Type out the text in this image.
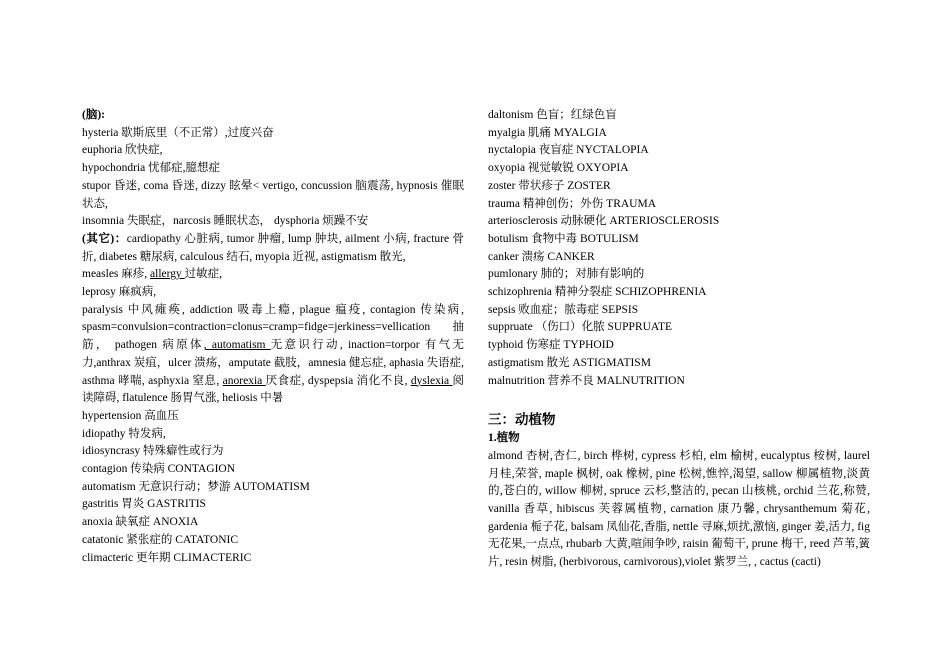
(脑):
hysteria 歇斯底里（不正常）,过度兴奋
euphoria 欣快症,
hypochondria 忧郁症,臆想症
stupor 昏迷, coma 昏迷, dizzy 眩晕< vertigo, concussion 脑震荡, hypnosis 催眠状态,
insomnia 失眠症，narcosis 睡眠状态， dysphoria 烦躁不安
(其它)：cardiopathy 心脏病, tumor 肿瘤, lump 肿块, ailment 小病, fracture 骨折, diabetes 糖尿病, calculous 结石, myopia 近视, astigmatism 散光,
measles 麻疹, allergy 过敏症,
leprosy 麻疯病,
paralysis 中风瘫痪, addiction 吸毒上瘾, plague 瘟疫, contagion 传染病, spasm=convulsion=contraction=clonus=cramp=fidge=jerkiness=vellication 抽筋， pathogen 病原体, automatism 无意识行动, inaction=torpor 有气无力,anthrax 炭疽，ulcer 溃疡，amputate 截肢，amnesia 健忘症, aphasia 失语症, asthma 哮喘, asphyxia 窒息, anorexia 厌食症, dyspepsia 消化不良, dyslexia 阅读障碍, flatulence 肠胃气涨, heliosis 中暑
hypertension 高血压
idiopathy 特发病,
idiosyncrasy 特殊癖性或行为
contagion 传染病 CONTAGION
automatism 无意识行动；梦游 AUTOMATISM
gastritis 胃炎 GASTRITIS
anoxia 缺氧症 ANOXIA
catatonic 紧张症的 CATATONIC
climacteric 更年期 CLIMACTERIC
daltonism 色盲；红绿色盲
myalgia 肌痛 MYALGIA
nyctalopia 夜盲症 NYCTALOPIA
oxyopia 视觉敏锐 OXYOPIA
zoster 带状疹子 ZOSTER
trauma 精神创伤；外伤 TRAUMA
arteriosclerosis 动脉硬化 ARTERIOSCLEROSIS
botulism 食物中毒 BOTULISM
canker 溃疡 CANKER
pumlonary 肺的；对肺有影响的
schizophrenia 精神分裂症 SCHIZOPHRENIA
sepsis 败血症；脓毒症 SEPSIS
suppruate （伤口）化脓 SUPPRUATE
typhoid 伤寒症 TYPHOID
astigmatism 散光 ASTIGMATISM
malnutrition 营养不良 MALNUTRITION
三：动植物
1.植物
almond 杏树,杏仁, birch 桦树, cypress 杉柏, elm 榆树, eucalyptus 桉树, laurel 月桂,荣誉, maple 枫树, oak 橡树, pine 松树,憔悴,渴望, sallow 柳属植物,淡黄的,苍白的, willow 柳树, spruce 云杉,整洁的, pecan 山核桃, orchid 兰花,称赞, vanilla 香草, hibiscus 芙蓉属植物, carnation 康乃馨, chrysanthemum 菊花, gardenia 栀子花, balsam 凤仙花,香脂, nettle 寻麻,烦扰,激恼, ginger 姜,活力, fig 无花果,一点点, rhubarb 大黄,喧闹争吵, raisin 葡萄干, prune 梅干, reed 芦苇,簧片, resin 树脂, (herbivorous, carnivorous),violet 紫罗兰, , cactus (cacti)
